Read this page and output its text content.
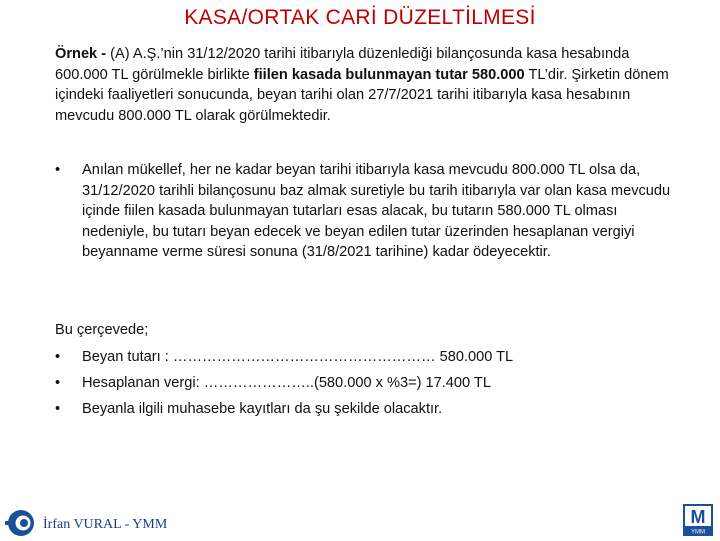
KASA/ORTAK CARİ DÜZELTİLMESİ
Örnek - (A) A.Ş.’nin 31/12/2020 tarihi itibarıyla düzenlediği bilançosunda kasa hesabında 600.000 TL görülmekle birlikte fiilen kasada bulunmayan tutar 580.000 TL’dir. Şirketin dönem içindeki faaliyetleri sonucunda, beyan tarihi olan 27/7/2021 tarihi itibarıyla kasa hesabının mevcudu 800.000 TL olarak görülmektedir.
• Anılan mükellef, her ne kadar beyan tarihi itibarıyla kasa mevcudu 800.000 TL olsa da, 31/12/2020 tarihli bilançosunu baz almak suretiyle bu tarih itibarıyla var olan kasa mevcudu içinde fiilen kasada bulunmayan tutarları esas alacak, bu tutarın 580.000 TL olması nedeniyle, bu tutarı beyan edecek ve beyan edilen tutar üzerinden hesaplanan vergiyi beyanname verme süresi sonuna (31/8/2021 tarihine) kadar ödeyecektir.
Bu çerçevede;
• Beyan tutarı : ……………………………………………… 580.000 TL
• Hesaplanan vergi: …………………..(580.000 x %3=) 17.400 TL
• Beyanla ilgili muhasebe kayıtları da şu şekilde olacaktır.
İrfan VURAL - YMM	M
YMM
